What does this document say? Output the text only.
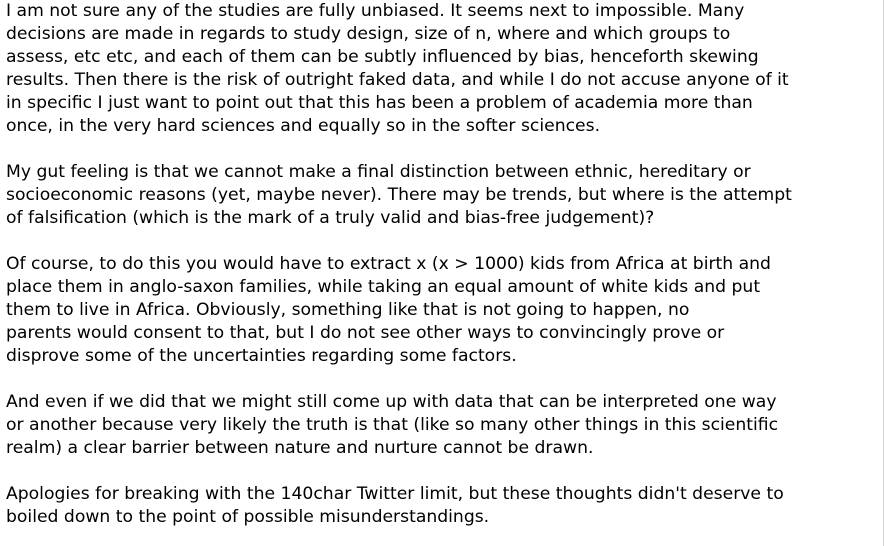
I am not sure any of the studies are fully unbiased. It seems next to impossible. Many
decisions are made in regards to study design, size of n, where and which groups to
assess, etc etc, and each of them can be subtly influenced by bias, henceforth skewing
results. Then there is the risk of outright faked data, and while I do not accuse anyone of it
in specific I just want to point out that this has been a problem of academia more than
once, in the very hard sciences and equally so in the softer sciences.

My gut feeling is that we cannot make a final distinction between ethnic, hereditary or
socioeconomic reasons (yet, maybe never). There may be trends, but where is the attempt
of falsification (which is the mark of a truly valid and bias-free judgement)?

Of course, to do this you would have to extract x (x > 1000) kids from Africa at birth and
place them in anglo-saxon families, while taking an equal amount of white kids and put
them to live in Africa. Obviously, something like that is not going to happen, no
parents would consent to that, but I do not see other ways to convincingly prove or
disprove some of the uncertainties regarding some factors.

And even if we did that we might still come up with data that can be interpreted one way
or another because very likely the truth is that (like so many other things in this scientific
realm) a clear barrier between nature and nurture cannot be drawn.

Apologies for breaking with the 140char Twitter limit, but these thoughts didn't deserve to
boiled down to the point of possible misunderstandings.
